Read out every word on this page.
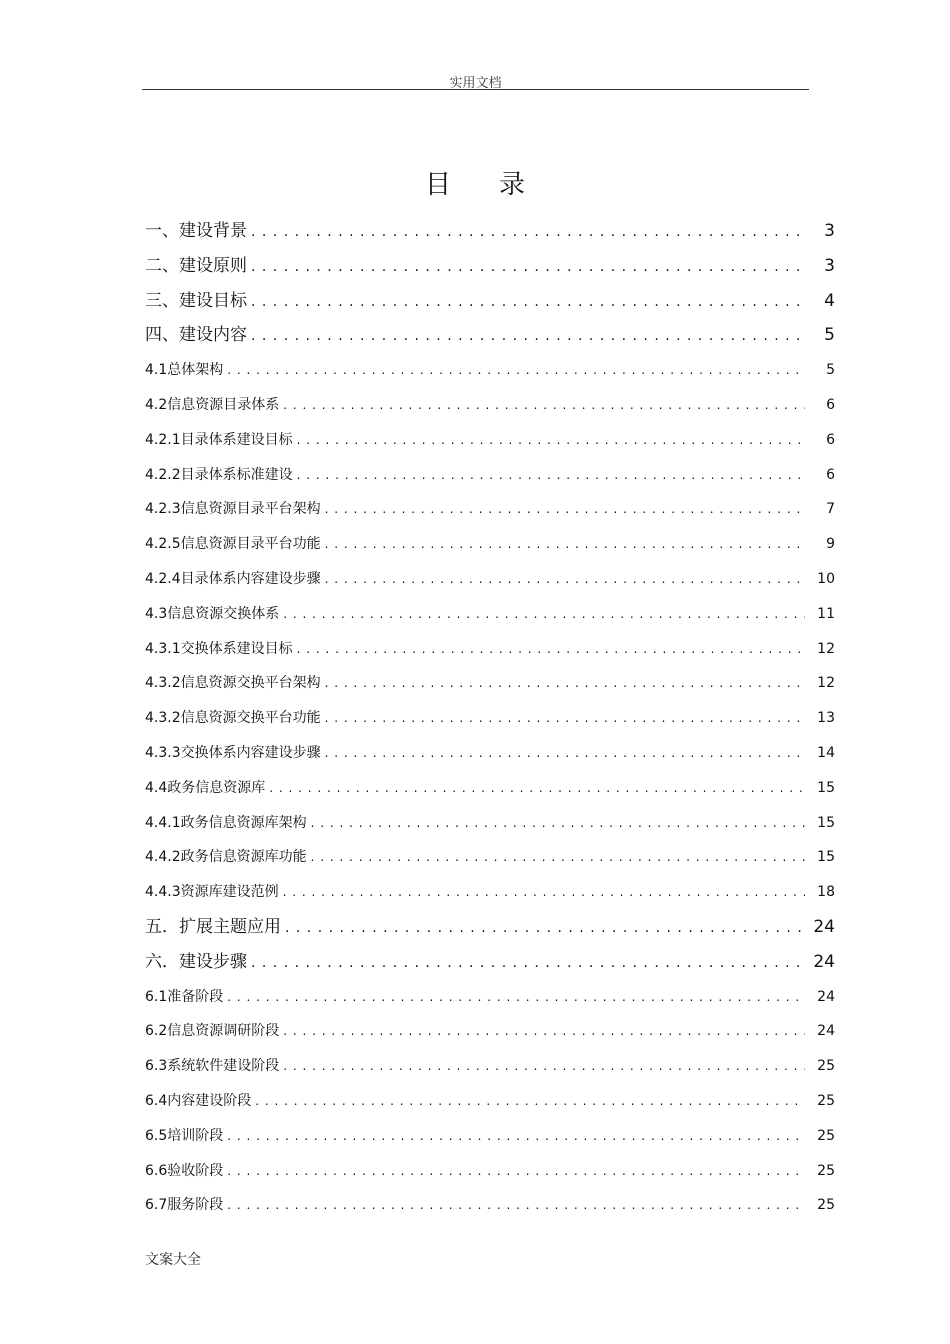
实用文档
目录
一、建设背景 . . .	3
二、建设原则 . . .	3
三、建设目标 . . .	4
四、建设内容 . . .	5
4.1总体架构 . . .	5
4.2信息资源目录体系 . . .	6
4.2.1目录体系建设目标 . . .	6
4.2.2目录体系标准建设 . . .	6
4.2.3信息资源目录平台架构 . . .	7
4.2.5信息资源目录平台功能 . . .	9
4.2.4目录体系内容建设步骤 . . .	10
4.3信息资源交换体系 . . .	11
4.3.1交换体系建设目标 . . .	12
4.3.2信息资源交换平台架构 . . .	12
4.3.2信息资源交换平台功能 . . .	13
4.3.3交换体系内容建设步骤 . . .	14
4.4政务信息资源库 . . .	15
4.4.1政务信息资源库架构 . . .	15
4.4.2政务信息资源库功能 . . .	15
4.4.3资源库建设范例 . . .	18
五．扩展主题应用 . . .	24
六．建设步骤 . . .	24
6.1准备阶段 . . .	24
6.2信息资源调研阶段 . . .	24
6.3系统软件建设阶段 . . .	25
6.4内容建设阶段 . . .	25
6.5培训阶段 . . .	25
6.6验收阶段 . . .	25
6.7服务阶段 . . .	25
文案大全
